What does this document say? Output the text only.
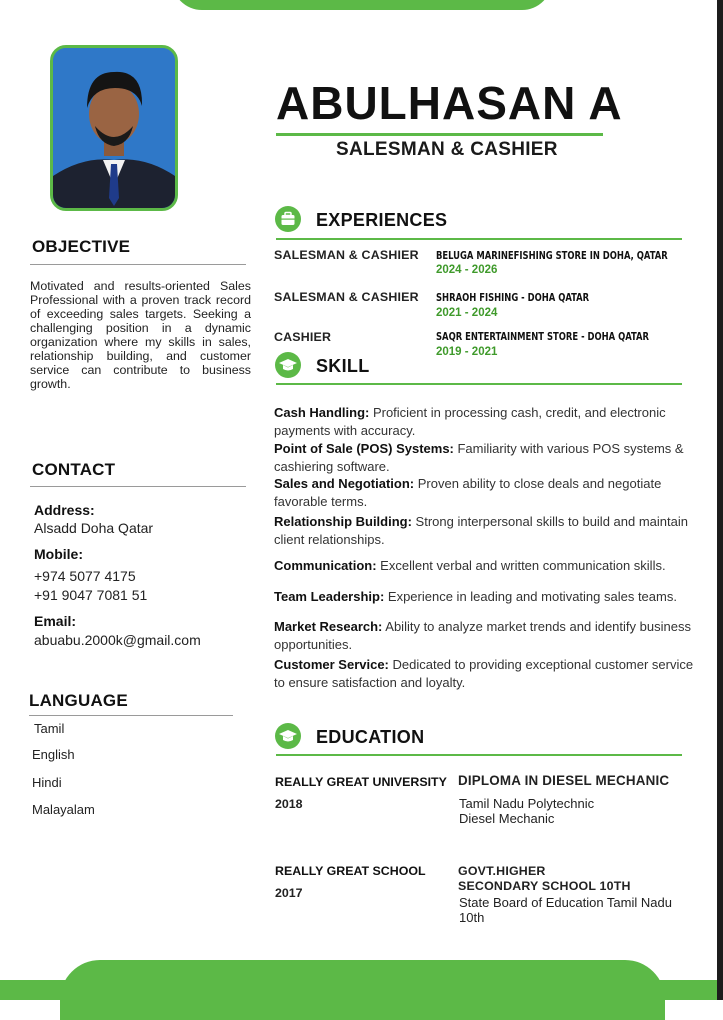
ABULHASAN A
SALESMAN & CASHIER
OBJECTIVE
Motivated and results-oriented Sales Professional with a proven track record of exceeding sales targets. Seeking a challenging position in a dynamic organization where my skills in sales, relationship building, and customer service can contribute to business growth.
CONTACT
Address:
Alsadd Doha Qatar
Mobile:
+974 5077 4175
+91 9047 7081 51
Email:
abuabu.2000k@gmail.com
LANGUAGE
Tamil
English
Hindi
Malayalam
EXPERIENCES
SALESMAN & CASHIER BELUGA MARINEFISHING STORE IN DOHA, QATAR
2024 - 2026
SALESMAN & CASHIER SHRAOH FISHING - DOHA QATAR
2021 - 2024
CASHIER	SAQR ENTERTAINMENT STORE - DOHA QATAR
2019 - 2021
SKILL
Cash Handling: Proficient in processing cash, credit, and electronic payments with accuracy.
Point of Sale (POS) Systems: Familiarity with various POS systems & cashiering software.
Sales and Negotiation: Proven ability to close deals and negotiate favorable terms.
Relationship Building: Strong interpersonal skills to build and maintain client relationships.
Communication: Excellent verbal and written communication skills.
Team Leadership: Experience in leading and motivating sales teams.
Market Research: Ability to analyze market trends and identify business opportunities.
Customer Service: Dedicated to providing exceptional customer service to ensure satisfaction and loyalty.
EDUCATION
REALLY GREAT UNIVERSITY
2018
DIPLOMA IN DIESEL MECHANIC
Tamil Nadu Polytechnic
Diesel Mechanic
REALLY GREAT SCHOOL
2017
GOVT.HIGHER
SECONDARY SCHOOL 10TH
State Board of Education Tamil Nadu
10th
